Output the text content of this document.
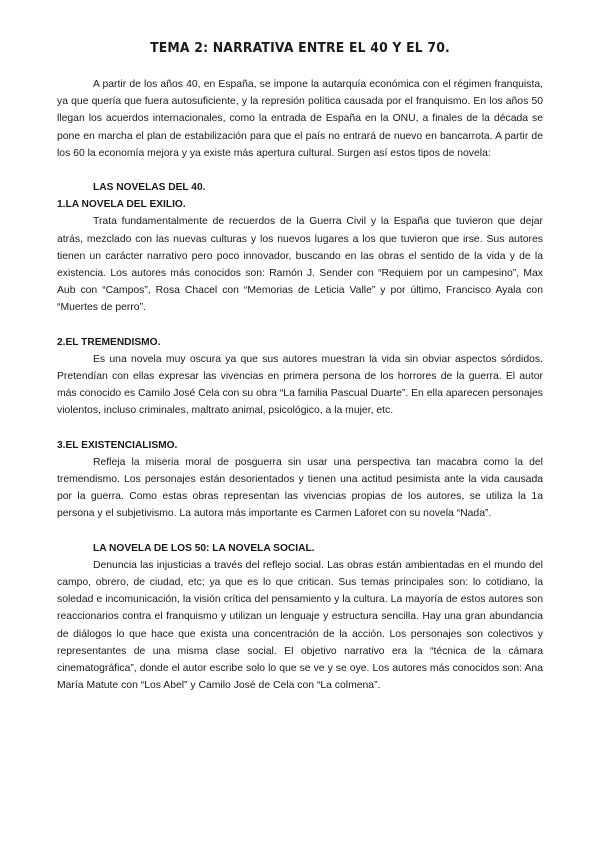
TEMA 2: NARRATIVA ENTRE EL 40 Y EL 70.

A partir de los años 40, en España, se impone la autarquía económica con el régimen franquista, ya que quería que fuera autosuficiente, y la represión política causada por el franquismo. En los años 50 llegan los acuerdos internacionales, como la entrada de España en la ONU, a finales de la década se pone en marcha el plan de estabilización para que el país no entrará de nuevo en bancarrota. A partir de los 60 la economía mejora y ya existe más apertura cultural. Surgen así estos tipos de novela:

LAS NOVELAS DEL 40.
1.LA NOVELA DEL EXILIO.

Trata fundamentalmente de recuerdos de la Guerra Civil y la España que tuvieron que dejar atrás, mezclado con las nuevas culturas y los nuevos lugares a los que tuvieron que irse. Sus autores tienen un carácter narrativo pero poco innovador, buscando en las obras el sentido de la vida y de la existencia. Los autores más conocidos son: Ramón J. Sender con “Requiem por un campesino”, Max Aub con “Campos”, Rosa Chacel con “Memorias de Leticia Valle” y por último, Francisco Ayala con “Muertes de perro”.

2.EL TREMENDISMO.

Es una novela muy oscura ya que sus autores muestran la vida sin obviar aspectos sórdidos. Pretendían con ellas expresar las vivencias en primera persona de los horrores de la guerra. El autor más conocido es Camilo José Cela con su obra “La familia Pascual Duarte”. En ella aparecen personajes violentos, incluso criminales, maltrato animal, psicológico, a la mujer, etc.

3.EL EXISTENCIALISMO.

Refleja la miseria moral de posguerra sin usar una perspectiva tan macabra como la del tremendismo. Los personajes están desorientados y tienen una actitud pesimista ante la vida causada por la guerra. Como estas obras representan las vivencias propias de los autores, se utiliza la 1a persona y el subjetivismo. La autora más importante es Carmen Laforet con su novela “Nada”.

LA NOVELA DE LOS 50: LA NOVELA SOCIAL.

Denuncia las injusticias a través del reflejo social. Las obras están ambientadas en el mundo del campo, obrero, de ciudad, etc; ya que es lo que critican. Sus temas principales son: lo cotidiano, la soledad e incomunicación, la visión crítica del pensamiento y la cultura. La mayoría de estos autores son reaccionarios contra el franquismo y utilizan un lenguaje y estructura sencilla. Hay una gran abundancia de diálogos lo que hace que exista una concentración de la acción. Los personajes son colectivos y representantes de una misma clase social. El objetivo narrativo era la “técnica de la cámara cinematográfica”, donde el autor escribe solo lo que se ve y se oye. Los autores más conocidos son: Ana María Matute con “Los Abel” y Camilo José de Cela con “La colmena”.
